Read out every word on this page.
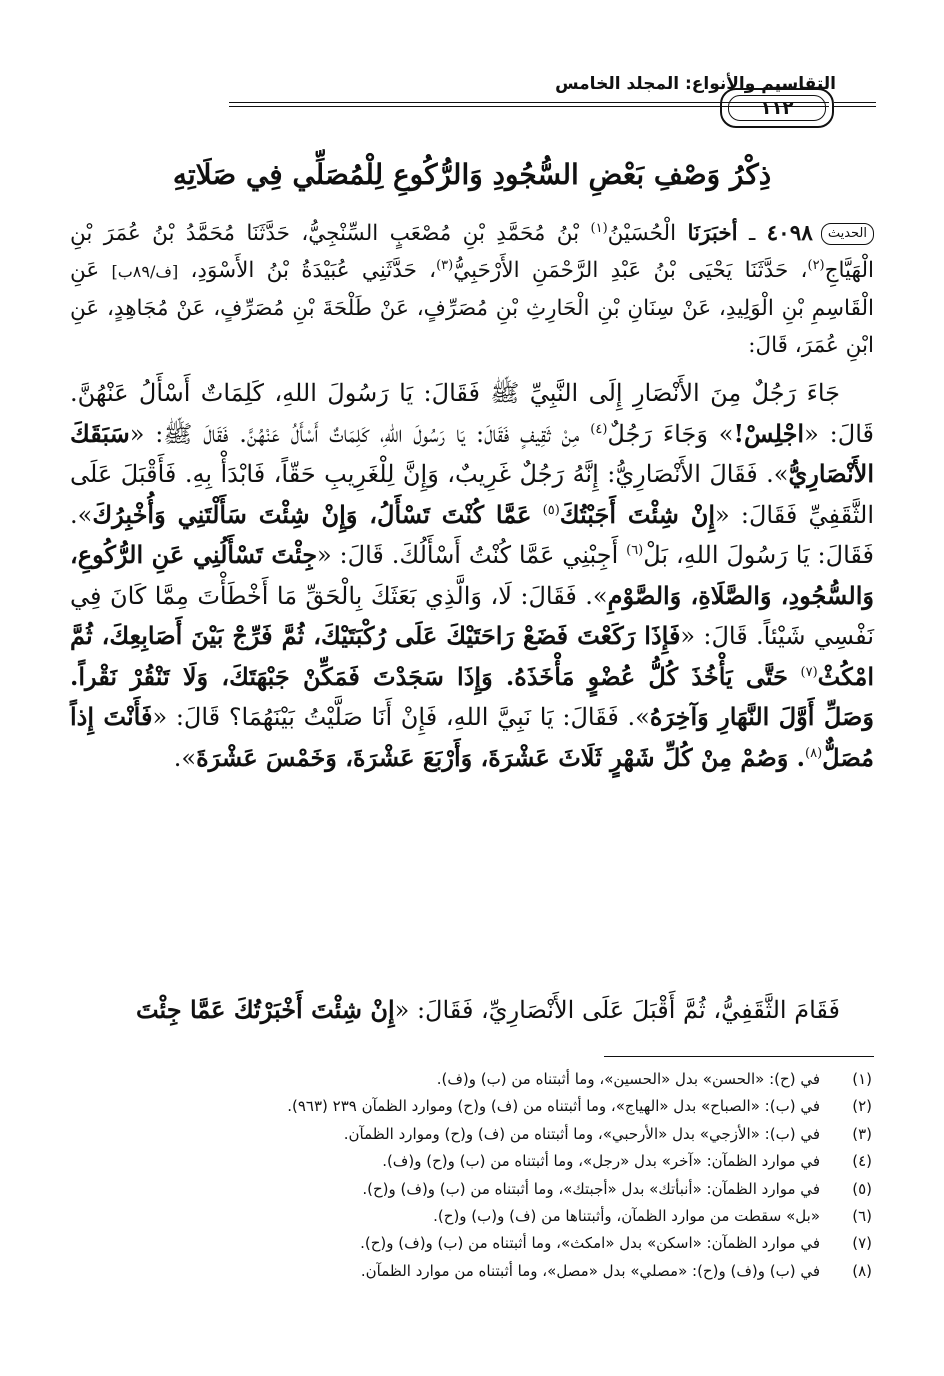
التقاسيم والأنواع: المجلد الخامس
١١٢
ذِكْرُ وَصْفِ بَعْضِ السُّجُودِ وَالرُّكُوعِ لِلْمُصَلِّي فِي صَلَاتِهِ
الحديث٤٠٩٨ ـ أخبَرَنَا الْحُسَيْنُ$^{(١)}$ بْنُ مُحَمَّدِ بْنِ مُصْعَبٍ السِّنْجِيُّ، حَدَّثَنَا مُحَمَّدُ بْنُ عُمَرَ بْنِ الْهَيَّاجِ$^{(٢)}$، حَدَّثَنَا يَحْيَى بْنُ عَبْدِ الرَّحْمَنِ الأَرْحَبِيُّ$^{(٣)}$، حَدَّثَنِي عُبَيْدَةُ بْنُ الأَسْوَدِ، [ف/٨٩ب] عَنِ الْقَاسِمِ بْنِ الْوَلِيدِ، عَنْ سِنَانِ بْنِ الْحَارِثِ بْنِ مُصَرِّفٍ، عَنْ طَلْحَةَ بْنِ مُصَرِّفٍ، عَنْ مُجَاهِدٍ، عَنِ ابْنِ عُمَرَ، قَالَ:
جَاءَ رَجُلٌ مِنَ الأَنْصَارِ إِلَى النَّبِيِّ ﷺ فَقَالَ: يَا رَسُولَ اللهِ، كَلِمَاتٌ أَسْأَلُ عَنْهُنَّ. قَالَ: «اجْلِسْ!» وَجَاءَ رَجُلٌ$^{(٤)}$ مِنْ ثَقِيفٍ فَقَالَ: يَا رَسُولَ اللهِ، كَلِمَاتٌ أَسْأَلُ عَنْهُنَّ. فَقَالَ ﷺ: «سَبَقَكَ الأَنْصَارِيُّ». فَقَالَ الأَنْصَارِيُّ: إِنَّهُ رَجُلٌ غَرِيبٌ، وَإِنَّ لِلْغَرِيبِ حَقّاً، فَابْدَأْ بِهِ. فَأَقْبَلَ عَلَى الثَّقَفِيِّ فَقَالَ: «إِنْ شِئْتَ أَجَبْتُكَ$^{(٥)}$ عَمَّا كُنْتَ تَسْأَلُ، وَإِنْ شِئْتَ سَأَلْتَنِي وَأُخْبِرُكَ». فَقَالَ: يَا رَسُولَ اللهِ، بَلْ$^{(٦)}$ أَجِبْنِي عَمَّا كُنْتُ أَسْأَلُكَ. قَالَ: «جِئْتَ تَسْأَلُنِي عَنِ الرُّكُوعِ، وَالسُّجُودِ، وَالصَّلَاةِ، وَالصَّوْمِ». فَقَالَ: لَا، وَالَّذِي بَعَثَكَ بِالْحَقِّ مَا أَخْطَأْتَ مِمَّا كَانَ فِي نَفْسِي شَيْئاً. قَالَ: «فَإِذَا رَكَعْتَ فَضَعْ رَاحَتَيْكَ عَلَى رُكْبَتَيْكَ، ثُمَّ فَرِّجْ بَيْنَ أَصَابِعِكَ، ثُمَّ امْكُثْ$^{(٧)}$ حَتَّى يَأْخُذَ كُلُّ عُضْوٍ مَأْخَذَهُ. وَإِذَا سَجَدْتَ فَمَكِّنْ جَبْهَتَكَ، وَلَا تَنْقُرْ نَقْراً. وَصَلِّ أَوَّلَ النَّهَارِ وَآخِرَهُ». فَقَالَ: يَا نَبِيَّ اللهِ، فَإِنْ أَنَا صَلَّيْتُ بَيْنَهُمَا؟ قَالَ: «فَأَنْتَ إِذاً مُصَلٌّ$^{(٨)}$. وَصُمْ مِنْ كُلِّ شَهْرٍ ثَلَاثَ عَشْرَةَ، وَأَرْبَعَ عَشْرَةَ، وَخَمْسَ عَشْرَةَ».
فَقَامَ الثَّقَفِيُّ، ثُمَّ أَقْبَلَ عَلَى الأَنْصَارِيِّ، فَقَالَ: «إِنْ شِئْتَ أَخْبَرْتُكَ عَمَّا جِئْتَ
(١)
في (ح): «الحسن» بدل «الحسين»، وما أثبتناه من (ب) و(ف).
(٢)
في (ب): «الصباح» بدل «الهياج»، وما أثبتناه من (ف) و(ح) وموارد الظمآن ٢٣٩ (٩٦٣).
(٣)
في (ب): «الأزجي» بدل «الأرحبي»، وما أثبتناه من (ف) و(ح) وموارد الظمآن.
(٤)
في موارد الظمآن: «آخر» بدل «رجل»، وما أثبتناه من (ب) و(ح) و(ف).
(٥)
في موارد الظمآن: «أنبأتك» بدل «أجبتك»، وما أثبتناه من (ب) و(ف) و(ح).
(٦)
«بل» سقطت من موارد الظمآن، وأثبتناها من (ف) و(ب) و(ح).
(٧)
في موارد الظمآن: «اسكن» بدل «امكث»، وما أثبتناه من (ب) و(ف) و(ح).
(٨)
في (ب) و(ف) و(ح): «مصلي» بدل «مصل»، وما أثبتناه من موارد الظمآن.
